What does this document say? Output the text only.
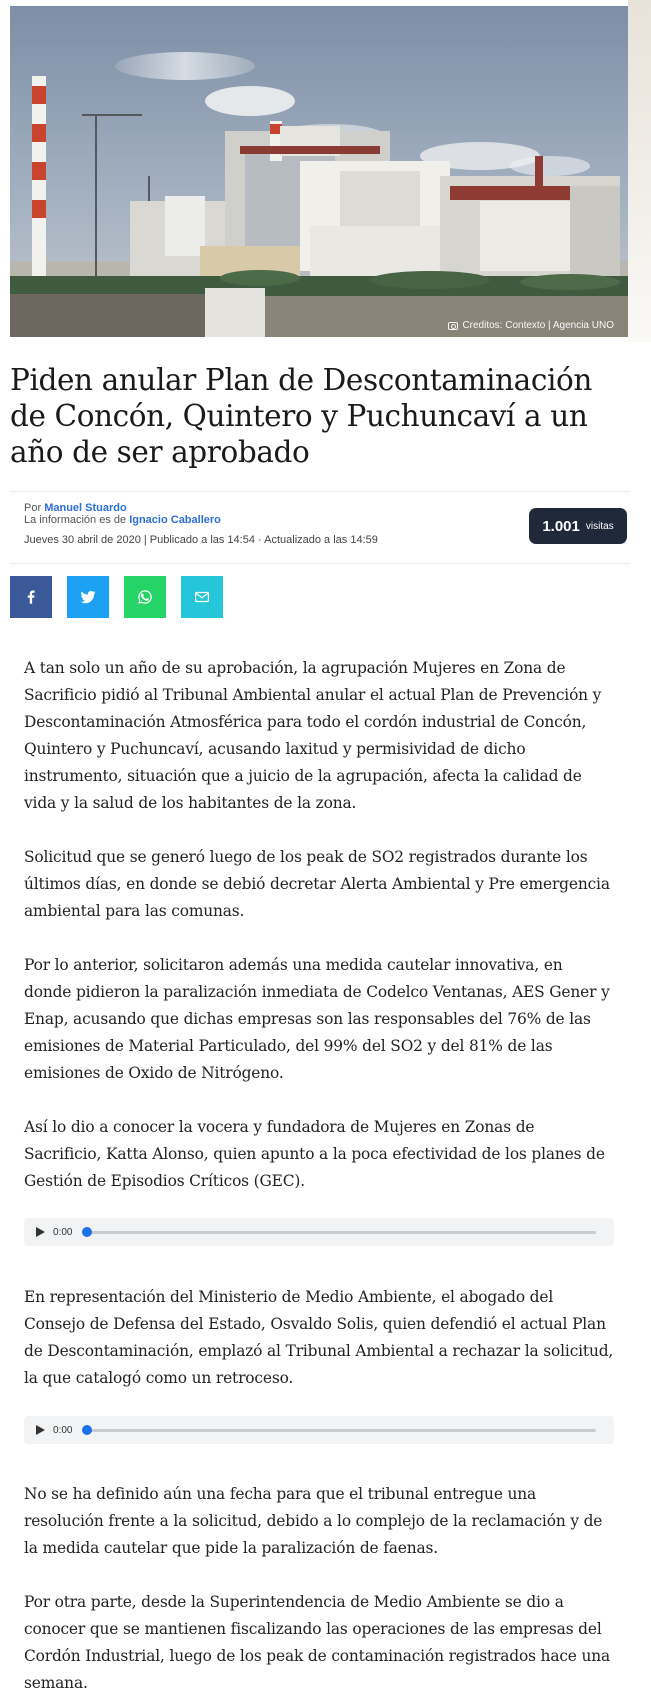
Creditos: Contexto | Agencia UNO
Piden anular Plan de Descontaminación de Concón, Quintero y Puchuncaví a un año de ser aprobado
Por Manuel Stuardo
La información es de Ignacio Caballero
Jueves 30 abril de 2020 | Publicado a las 14:54 · Actualizado a las 14:59
1.001 visitas

A tan solo un año de su aprobación, la agrupación Mujeres en Zona de Sacrificio pidió al Tribunal Ambiental anular el actual Plan de Prevención y Descontaminación Atmosférica para todo el cordón industrial de Concón, Quintero y Puchuncaví, acusando laxitud y permisividad de dicho instrumento, situación que a juicio de la agrupación, afecta la calidad de vida y la salud de los habitantes de la zona.

Solicitud que se generó luego de los peak de SO2 registrados durante los últimos días, en donde se debió decretar Alerta Ambiental y Pre emergencia ambiental para las comunas.

Por lo anterior, solicitaron además una medida cautelar innovativa, en donde pidieron la paralización inmediata de Codelco Ventanas, AES Gener y Enap, acusando que dichas empresas son las responsables del 76% de las emisiones de Material Particulado, del 99% del SO2 y del 81% de las emisiones de Oxido de Nitrógeno.

Así lo dio a conocer la vocera y fundadora de Mujeres en Zonas de Sacrificio, Katta Alonso, quien apunto a la poca efectividad de los planes de Gestión de Episodios Críticos (GEC).

0:00

En representación del Ministerio de Medio Ambiente, el abogado del Consejo de Defensa del Estado, Osvaldo Solis, quien defendió el actual Plan de Descontaminación, emplazó al Tribunal Ambiental a rechazar la solicitud, la que catalogó como un retroceso.

0:00

No se ha definido aún una fecha para que el tribunal entregue una resolución frente a la solicitud, debido a lo complejo de la reclamación y de la medida cautelar que pide la paralización de faenas.

Por otra parte, desde la Superintendencia de Medio Ambiente se dio a conocer que se mantienen fiscalizando las operaciones de las empresas del Cordón Industrial, luego de los peak de contaminación registrados hace una semana.
